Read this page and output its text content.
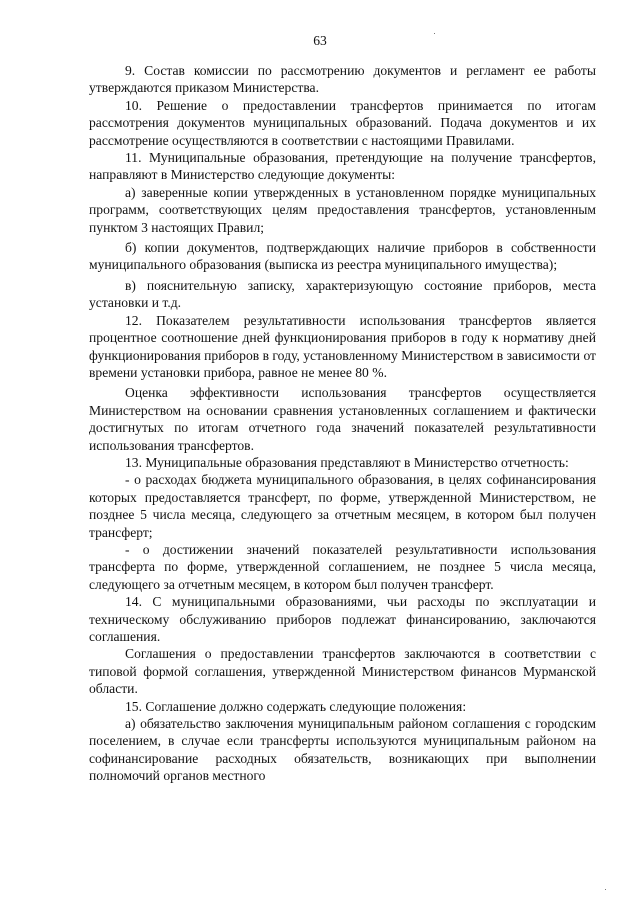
63

9. Состав комиссии по рассмотрению документов и регламент ее работы утверждаются приказом Министерства.

10. Решение о предоставлении трансфертов принимается по итогам рассмотрения документов муниципальных образований. Подача документов и их рассмотрение осуществляются в соответствии с настоящими Правилами.

11. Муниципальные образования, претендующие на получение трансфертов, направляют в Министерство следующие документы:

а) заверенные копии утвержденных в установленном порядке муниципальных программ, соответствующих целям предоставления трансфертов, установленным пунктом 3 настоящих Правил;

б) копии документов, подтверждающих наличие приборов в собственности муниципального образования (выписка из реестра муниципального имущества);

в) пояснительную записку, характеризующую состояние приборов, места установки и т.д.

12. Показателем результативности использования трансфертов является процентное соотношение дней функционирования приборов в году к нормативу дней функционирования приборов в году, установленному Министерством в зависимости от времени установки прибора, равное не менее 80 %.

Оценка эффективности использования трансфертов осуществляется Министерством на основании сравнения установленных соглашением и фактически достигнутых по итогам отчетного года значений показателей результативности использования трансфертов.

13. Муниципальные образования представляют в Министерство отчетность:

- о расходах бюджета муниципального образования, в целях софинансирования которых предоставляется трансферт, по форме, утвержденной Министерством, не позднее 5 числа месяца, следующего за отчетным месяцем, в котором был получен трансферт;

- о достижении значений показателей результативности использования трансферта по форме, утвержденной соглашением, не позднее 5 числа месяца, следующего за отчетным месяцем, в котором был получен трансферт.

14. С муниципальными образованиями, чьи расходы по эксплуатации и техническому обслуживанию приборов подлежат финансированию, заключаются соглашения.

Соглашения о предоставлении трансфертов заключаются в соответствии с типовой формой соглашения, утвержденной Министерством финансов Мурманской области.

15. Соглашение должно содержать следующие положения:

а) обязательство заключения муниципальным районом соглашения с городским поселением, в случае если трансферты используются муниципальным районом на софинансирование расходных обязательств, возникающих при выполнении полномочий органов местного
